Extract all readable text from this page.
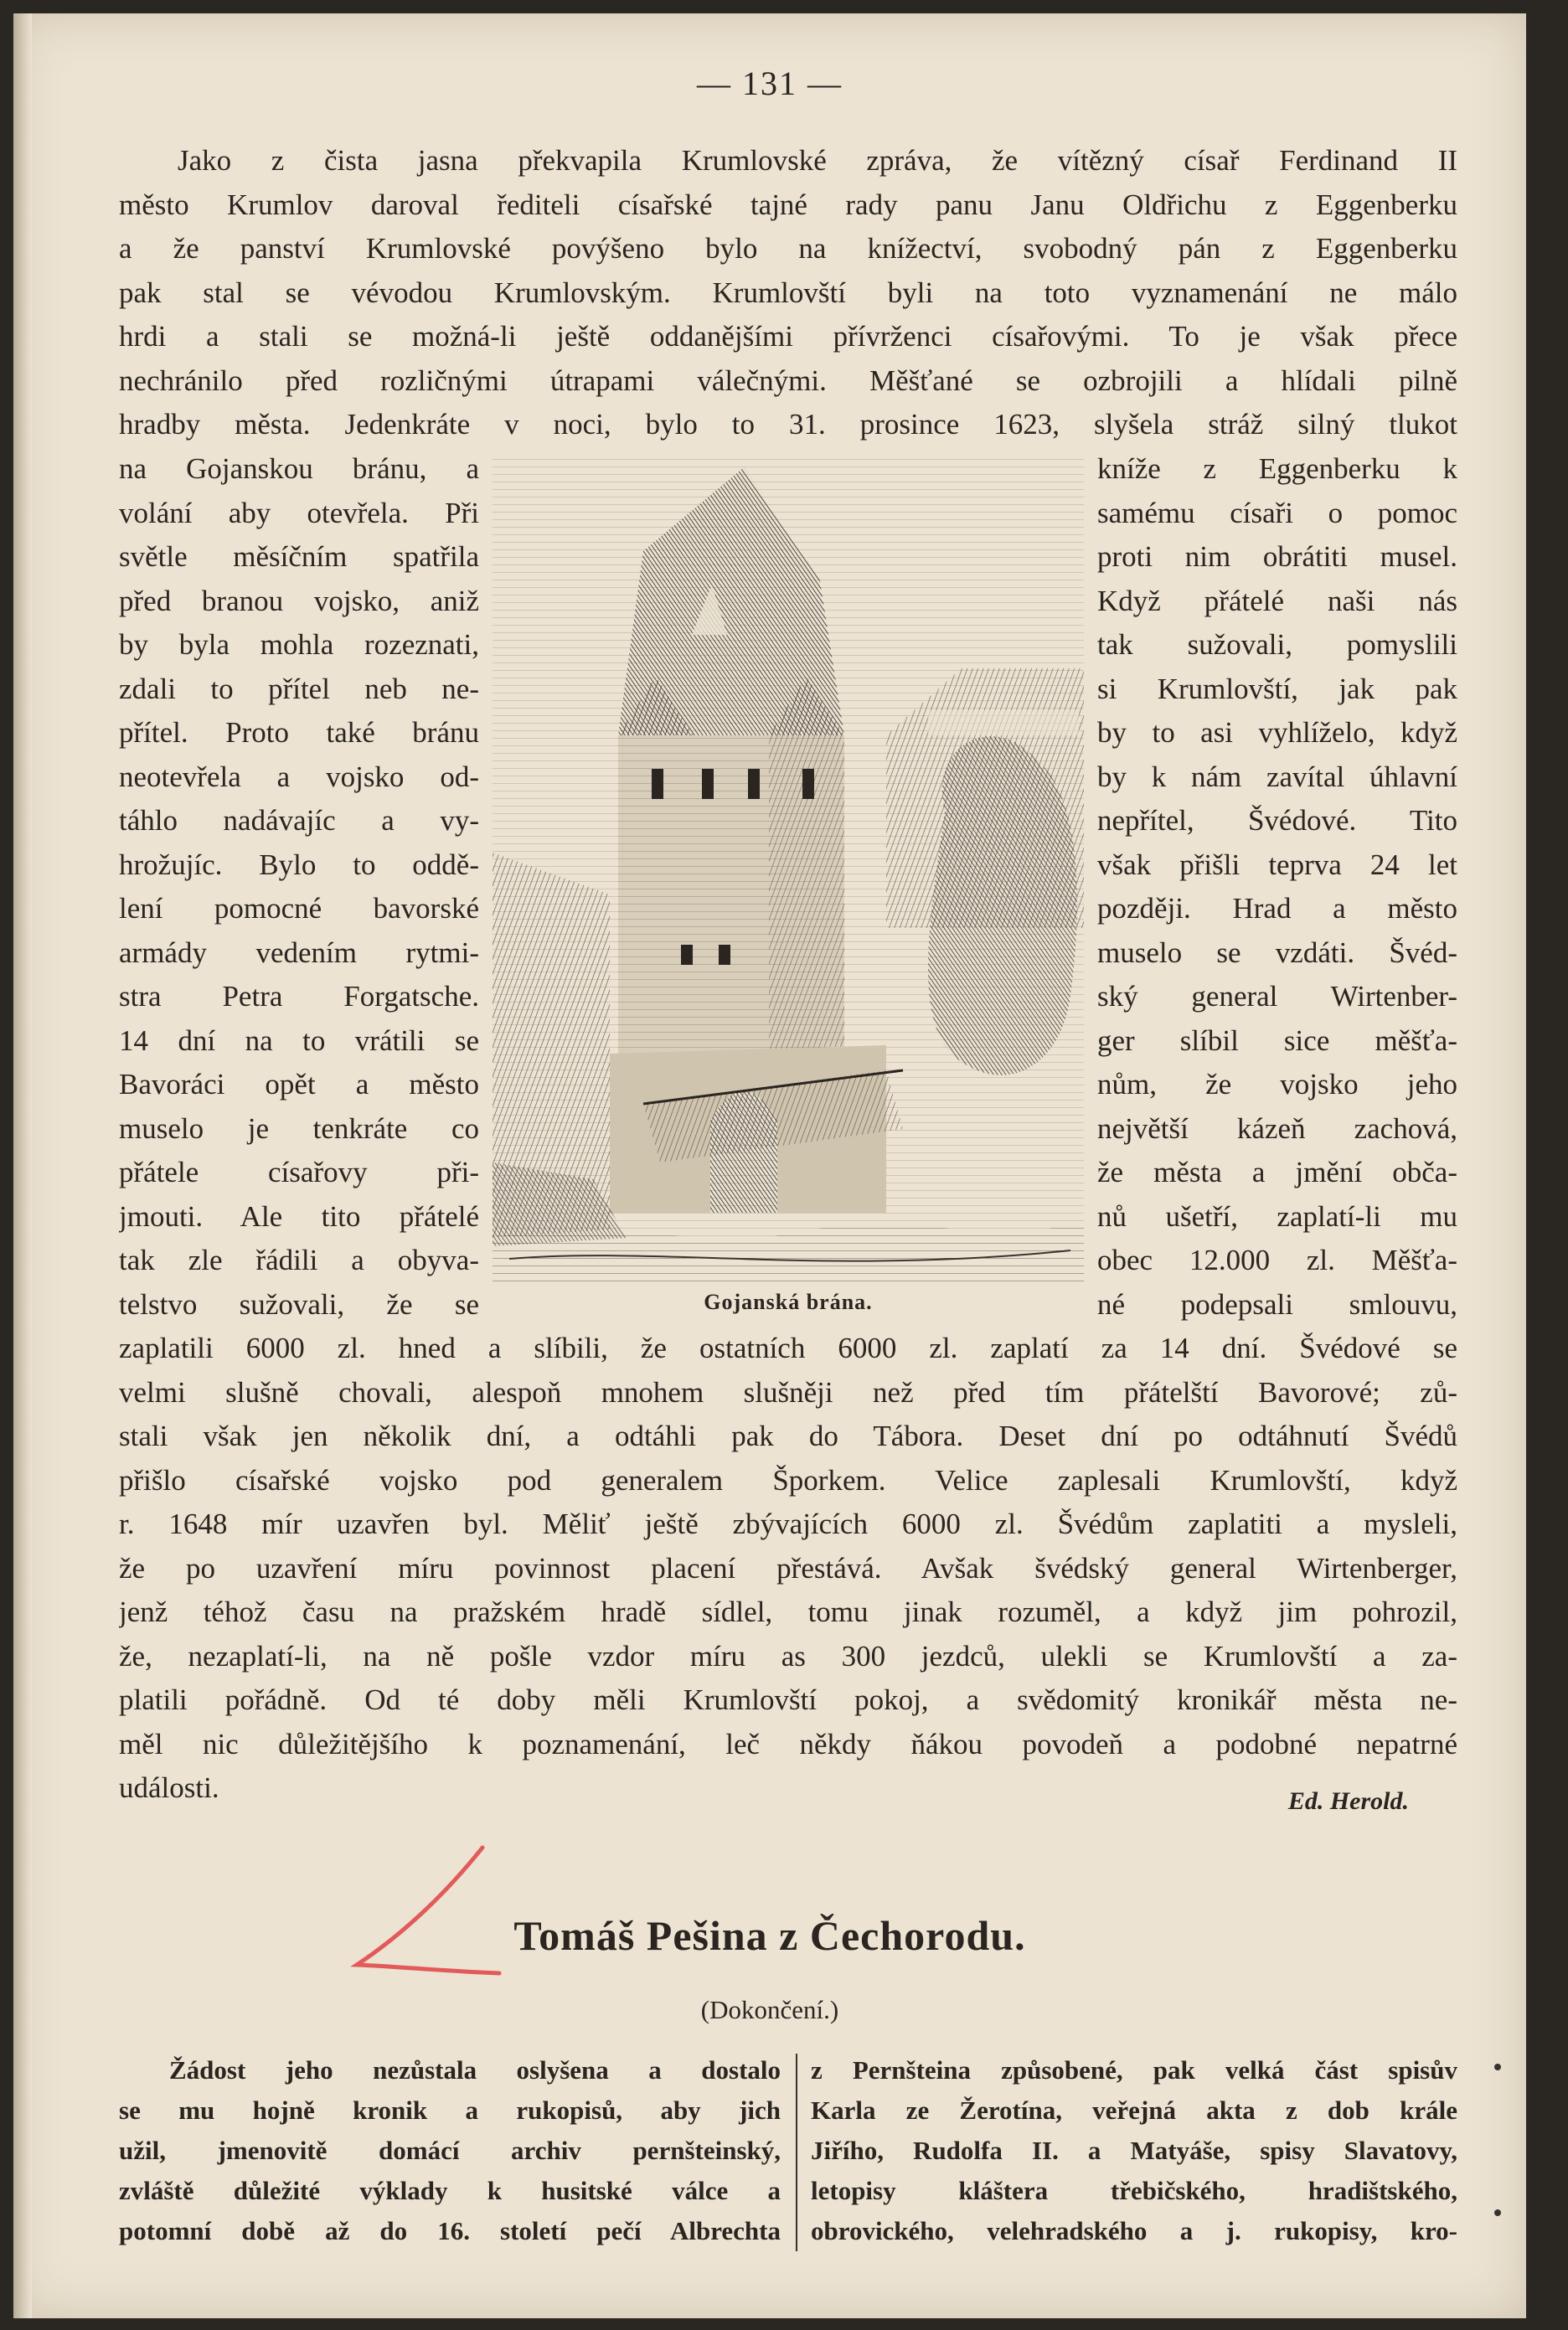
— 131 —
Jako z čista jasna překvapila Krumlovské zpráva, že vítězný císař Ferdinand II
město Krumlov daroval řediteli císařské tajné rady panu Janu Oldřichu z Eggenberku
a že panství Krumlovské povýšeno bylo na knížectví, svobodný pán z Eggenberku
pak stal se vévodou Krumlovským. Krumlovští byli na toto vyznamenání ne málo
hrdi a stali se možná-li ještě oddanějšími přívrženci císařovými. To je však přece
nechránilo před rozličnými útrapami válečnými. Měšťané se ozbrojili a hlídali pilně
hradby města. Jedenkráte v noci, bylo to 31. prosince 1623, slyšela stráž silný tlukot
na Gojanskou bránu, a
volání aby otevřela. Při
světle měsíčním spatřila
před branou vojsko, aniž
by byla mohla rozeznati,
zdali to přítel neb ne-
přítel. Proto také bránu
neotevřela a vojsko od-
táhlo nadávajíc a vy-
hrožujíc. Bylo to oddě-
lení pomocné bavorské
armády vedením rytmi-
stra Petra Forgatsche.
14 dní na to vrátili se
Bavoráci opět a město
muselo je tenkráte co
přátele císařovy při-
jmouti. Ale tito přátelé
tak zle řádili a obyva-
telstvo sužovali, že se	Gojanská brána.
kníže z Eggenberku k
samému císaři o pomoc
proti nim obrátiti musel.
Když přátelé naši nás
tak sužovali, pomyslili
si Krumlovští, jak pak
by to asi vyhlíželo, když
by k nám zavítal úhlavní
nepřítel, Švédové. Tito
však přišli teprva 24 let
později. Hrad a město
muselo se vzdáti. Švéd-
ský general Wirtenber-
ger slíbil sice měšťa-
nům, že vojsko jeho
největší kázeň zachová,
že města a jmění obča-
nů ušetří, zaplatí-li mu
obec 12.000 zl. Měšťa-
né podepsali smlouvu,
zaplatili 6000 zl. hned a slíbili, že ostatních 6000 zl. zaplatí za 14 dní. Švédové se
velmi slušně chovali, alespoň mnohem slušněji než před tím přátelští Bavorové; zů-
stali však jen několik dní, a odtáhli pak do Tábora. Deset dní po odtáhnutí Švédů
přišlo císařské vojsko pod generalem Šporkem. Velice zaplesali Krumlovští, když
r. 1648 mír uzavřen byl. Měliť ještě zbývajících 6000 zl. Švédům zaplatiti a mysleli,
že po uzavření míru povinnost placení přestává. Avšak švédský general Wirtenberger,
jenž téhož času na pražském hradě sídlel, tomu jinak rozuměl, a když jim pohrozil,
že, nezaplatí-li, na ně pošle vzdor míru as 300 jezdců, ulekli se Krumlovští a za-
platili pořádně. Od té doby měli Krumlovští pokoj, a svědomitý kronikář města ne-
měl nic důležitějšího k poznamenání, leč někdy ňákou povodeň a podobné nepatrné
události.	Ed. Herold.
Tomáš Pešina z Čechorodu.
(Dokončení.)
Žádost jeho nezůstala oslyšena a dostalo
se mu hojně kronik a rukopisů, aby jich
užil, jmenovitě domácí archiv pernšteinský,
zvláště důležité výklady k husitské válce a
potomní době až do 16. století pečí Albrechta
z Pernšteina způsobené, pak velká část spisův
Karla ze Žerotína, veřejná akta z dob krále
Jiřího, Rudolfa II. a Matyáše, spisy Slavatovy,
letopisy kláštera třebičského, hradištského,
obrovického, velehradského a j. rukopisy, kro-
